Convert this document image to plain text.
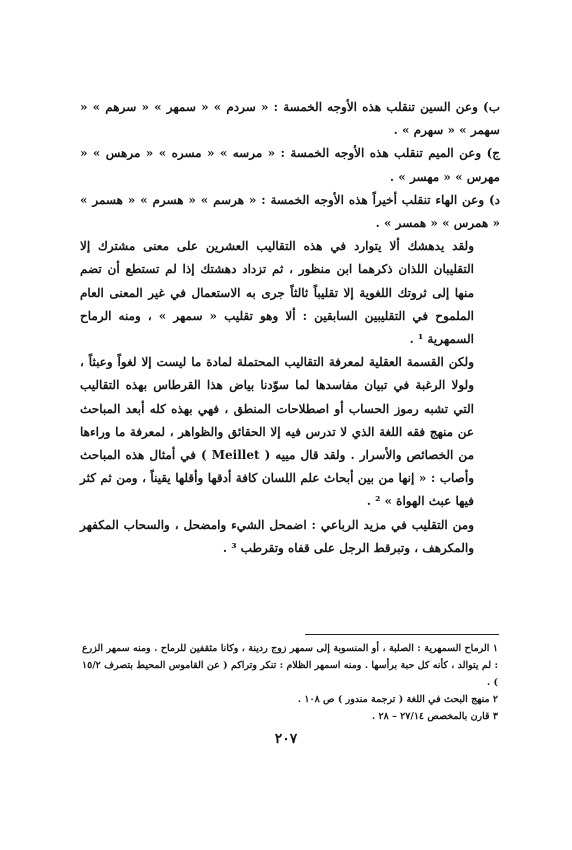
ب) وعن السين تنقلب هذه الأوجه الخمسة : « سردم » « سمهر » « سرهم » « سهمر » « سهرم » .

ج) وعن الميم تنقلب هذه الأوجه الخمسة : « مرسه » « مسره » « مرهس » « مهرس » « مهسر » .

د) وعن الهاء تنقلب أخيراً هذه الأوجه الخمسة : « هرسم » « هسرم » « هسمر » « همرس » « همسر » .

ولقد يدهشك ألا يتوارد في هذه التقاليب العشرين على معنى مشترك إلا التقليبان اللذان ذكرهما ابن منظور ، ثم تزداد دهشتك إذا لم تستطع أن تضم منها إلى ثروتك اللغوية إلا تقليباً ثالثاً جرى به الاستعمال في غير المعنى العام الملموح في التقليبين السابقين : ألا وهو تقليب « سمهر » ، ومنه الرماح السمهرية ¹ .

ولكن القسمة العقلية لمعرفة التقاليب المحتملة لمادة ما ليست إلا لغواً وعبثاً ، ولولا الرغبة في تبيان مفاسدها لما سوّدنا بياض هذا القرطاس بهذه التقاليب التي تشبه رموز الحساب أو اصطلاحات المنطق ، فهي بهذه كله أبعد المباحث عن منهج فقه اللغة الذي لا تدرس فيه إلا الحقائق والظواهر ، لمعرفة ما وراءها من الخصائص والأسرار . ولقد قال مييه ( Meillet ) في أمثال هذه المباحث وأصاب : « إنها من بين أبحاث علم اللسان كافة أدقها وأقلها يقيناً ، ومن ثم كثر فيها عبث الهواة » ² .

ومن التقليب في مزيد الرباعي : اضمحل الشيء وامضحل ، والسحاب المكفهر والمكرهف ، وتبرقط الرجل على قفاه وتقرطب ³ .

١ الرماح السمهرية : الصلبة ، أو المنسوبة إلى سمهر زوج ردينة ، وكانا مثقفين للرماح . ومنه سمهر الزرع : لم يتوالد ، كأنه كل حبة برأسها . ومنه اسمهر الظلام : تنكر وتراكم ( عن القاموس المحيط بتصرف ١٥/٢ ) .

٢ منهج البحث في اللغة ( ترجمة مندور ) ص ١٠٨ .

٣ قارن بالمخصص ٢٧/١٤ – ٢٨ .

٢٠٧
